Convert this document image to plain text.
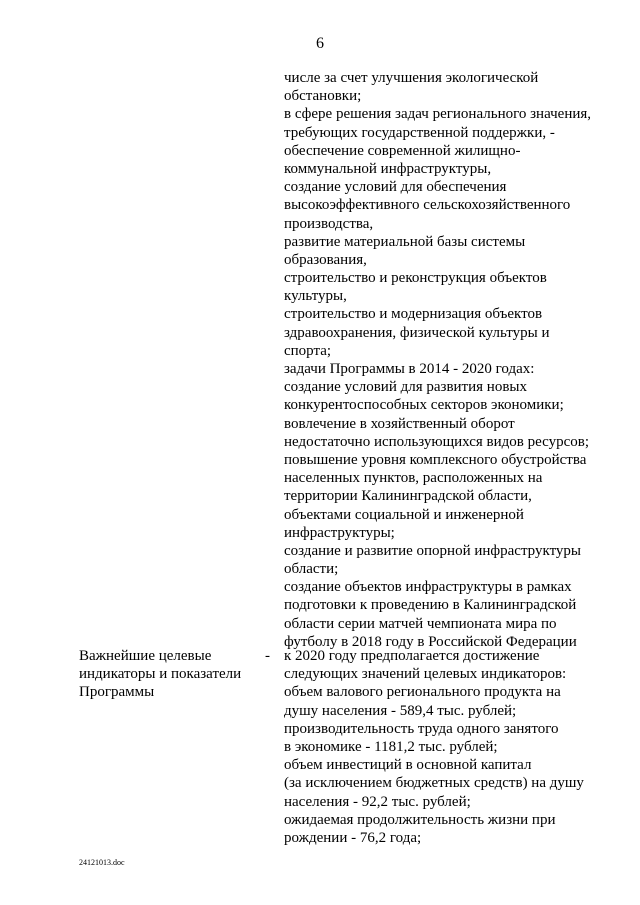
6
числе за счет улучшения экологической
обстановки;
в сфере решения задач регионального значения,
требующих государственной поддержки, -
обеспечение современной жилищно-
коммунальной инфраструктуры,
создание условий для обеспечения
высокоэффективного сельскохозяйственного
производства,
развитие материальной базы системы
образования,
строительство и реконструкция объектов
культуры,
строительство и модернизация объектов
здравоохранения, физической культуры и
спорта;
задачи Программы в 2014 - 2020 годах:
создание условий для развития новых
конкурентоспособных секторов экономики;
вовлечение в хозяйственный оборот
недостаточно использующихся видов ресурсов;
повышение уровня комплексного обустройства
населенных пунктов, расположенных на
территории Калининградской области,
объектами социальной и инженерной
инфраструктуры;
создание и развитие опорной инфраструктуры
области;
создание объектов инфраструктуры в рамках
подготовки к проведению в Калининградской
области серии матчей чемпионата мира по
футболу в 2018 году в Российской Федерации
Важнейшие целевые
индикаторы и показатели
Программы
- к 2020 году предполагается достижение
следующих значений целевых индикаторов:
объем валового регионального продукта на
душу населения - 589,4 тыс. рублей;
производительность труда одного занятого
в экономике - 1181,2 тыс. рублей;
объем инвестиций в основной капитал
(за исключением бюджетных средств) на душу
населения - 92,2 тыс. рублей;
ожидаемая продолжительность жизни при
рождении - 76,2 года;
24121013.doc
